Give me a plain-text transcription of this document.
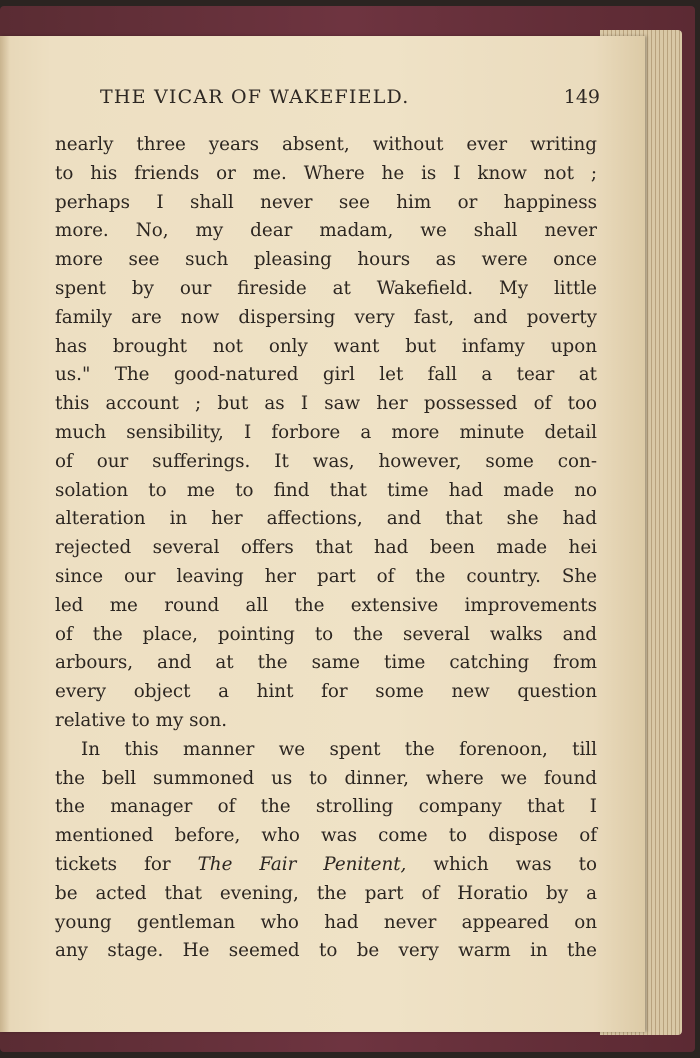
THE VICAR OF WAKEFIELD.	149
nearly three years absent, without ever writing
to his friends or me. Where he is I know not ;
perhaps I shall never see him or happiness
more. No, my dear madam, we shall never
more see such pleasing hours as were once
spent by our fireside at Wakefield. My little
family are now dispersing very fast, and poverty
has brought not only want but infamy upon
us." The good-natured girl let fall a tear at
this account ; but as I saw her possessed of too
much sensibility, I forbore a more minute detail
of our sufferings. It was, however, some con-
solation to me to find that time had made no
alteration in her affections, and that she had
rejected several offers that had been made hei
since our leaving her part of the country. She
led me round all the extensive improvements
of the place, pointing to the several walks and
arbours, and at the same time catching from
every object a hint for some new question
relative to my son.
In this manner we spent the forenoon, till
the bell summoned us to dinner, where we found
the manager of the strolling company that I
mentioned before, who was come to dispose of
tickets for The Fair Penitent, which was to
be acted that evening, the part of Horatio by a
young gentleman who had never appeared on
any stage. He seemed to be very warm in the
